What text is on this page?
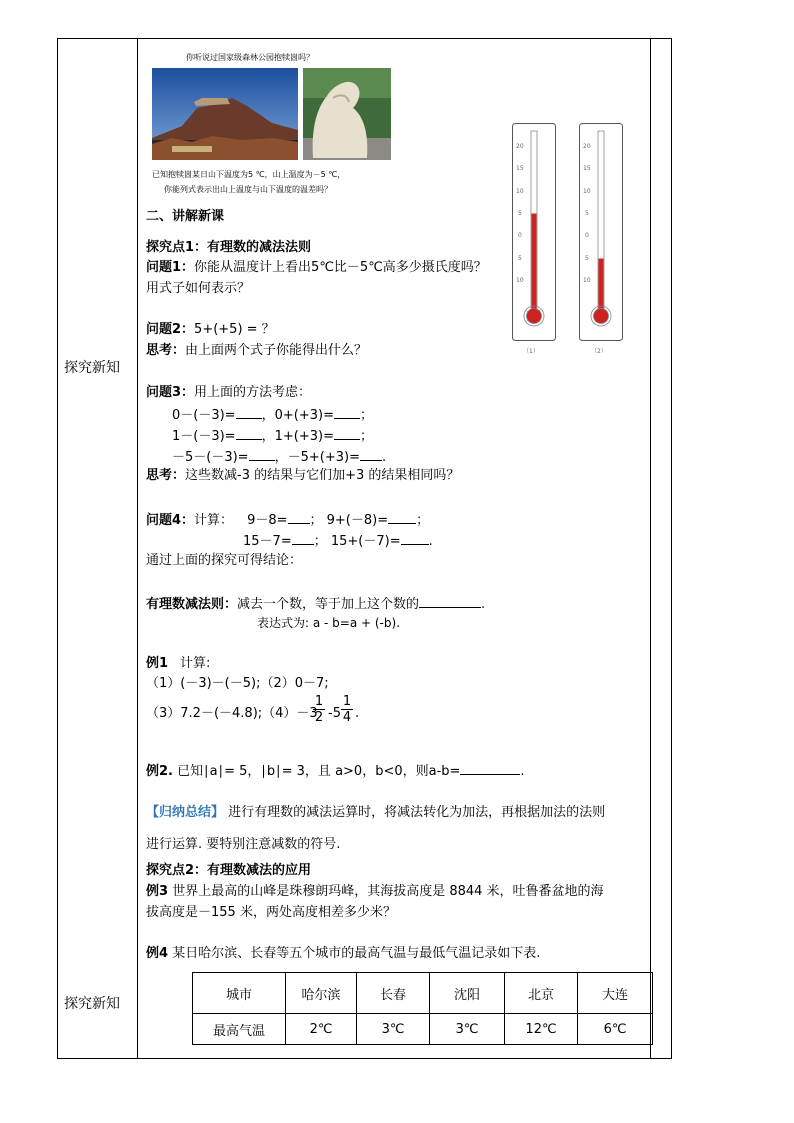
探究新知
探究新知
你听说过国家级森林公园抱犊崮吗？
已知抱犊崮某日山下温度为5 ℃，山上温度为－5 ℃，
你能列式表示出山上温度与山下温度的温差吗？
20
15
10
5
0
5
10
20
15
10
5
0
5
10
（1）	（2）
二、讲解新课
探究点1：有理数的减法法则
问题1：你能从温度计上看出5℃比－5℃高多少摄氏度吗？
用式子如何表示？
问题2：5+(+5) = ？
思考：由上面两个式子你能得出什么？
问题3：用上面的方法考虑：
0－(－3)= ，0+(+3)= ；
1－(－3)= ，1+(+3)= ；
－5－(－3)= ，－5+(+3)= .
思考：这些数减-3 的结果与它们加+3 的结果相同吗？
问题4：计算： 9－8= ； 9+(－8)= ；
15－7= ； 15+(－7)= .
通过上面的探究可得结论：
有理数减法则：减去一个数，等于加上这个数的	.
表达式为: a - b=a + (-b).
例1 计算:
（1）(－3)－(－5);（2）0－7;
（3）7.2－(－4.8);（4）－3
1
2 -5
1
4 .
例2. 已知∣a∣= 5，∣b∣= 3，且 a>0，b<0，则a-b=	.
【归纳总结】 进行有理数的减法运算时，将减法转化为加法，再根据加法的法则
进行运算. 要特别注意减数的符号.
探究点2：有理数减法的应用
例3 世界上最高的山峰是珠穆朗玛峰，其海拔高度是 8844 米，吐鲁番盆地的海
拔高度是－155 米，两处高度相差多少米？
例4 某日哈尔滨、长春等五个城市的最高气温与最低气温记录如下表.
城市	哈尔滨	长春	沈阳	北京	大连
最高气温	2℃	3℃	3℃	12℃	6℃
